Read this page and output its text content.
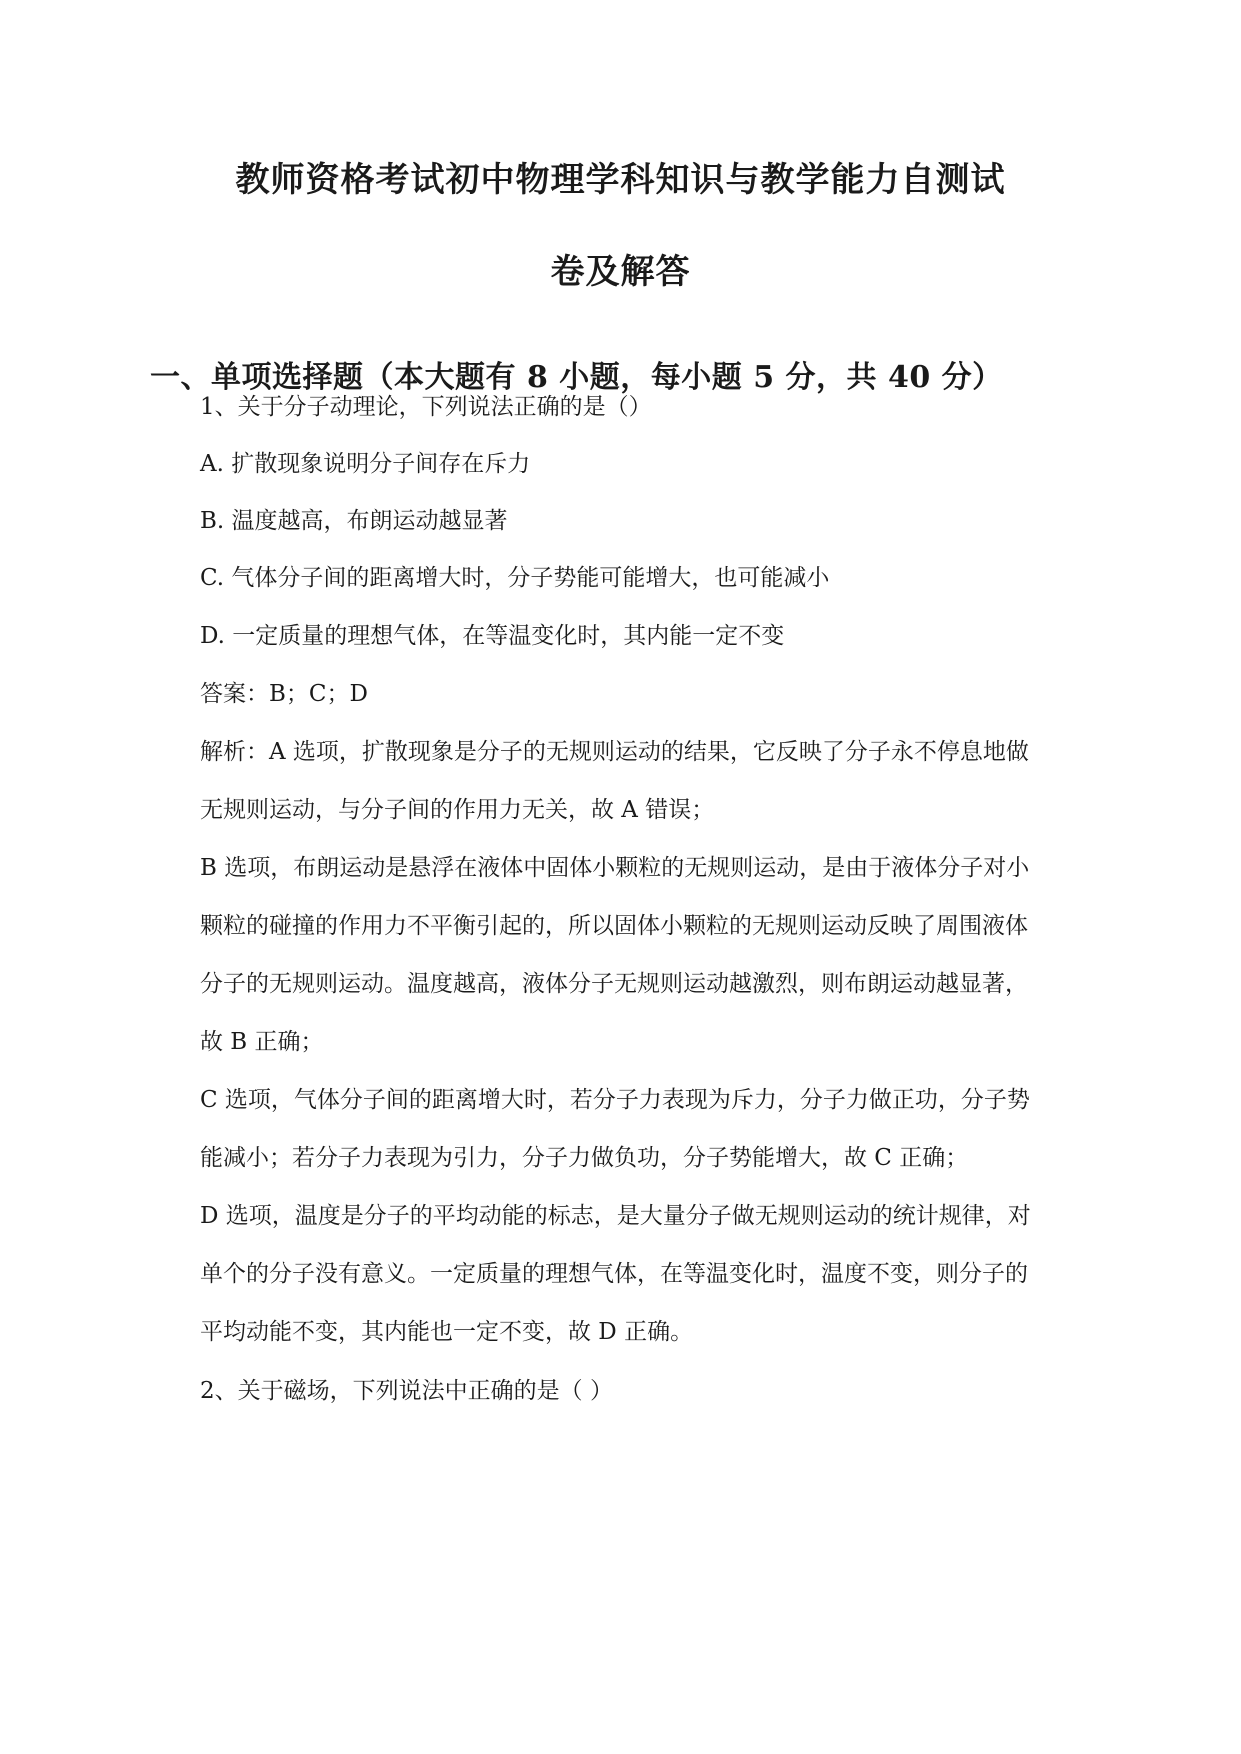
教师资格考试初中物理学科知识与教学能力自测试
卷及解答
一、单项选择题（本大题有 8 小题，每小题 5 分，共 40 分）
1、关于分子动理论，下列说法正确的是（）
A. 扩散现象说明分子间存在斥力
B. 温度越高，布朗运动越显著
C. 气体分子间的距离增大时，分子势能可能增大，也可能减小
D. 一定质量的理想气体，在等温变化时，其内能一定不变
答案：B；C；D
解析：A 选项，扩散现象是分子的无规则运动的结果，它反映了分子永不停息地做
无规则运动，与分子间的作用力无关，故 A 错误；
B 选项，布朗运动是悬浮在液体中固体小颗粒的无规则运动，是由于液体分子对小
颗粒的碰撞的作用力不平衡引起的，所以固体小颗粒的无规则运动反映了周围液体
分子的无规则运动。温度越高，液体分子无规则运动越激烈，则布朗运动越显著，
故 B 正确；
C 选项，气体分子间的距离增大时，若分子力表现为斥力，分子力做正功，分子势
能减小；若分子力表现为引力，分子力做负功，分子势能增大，故 C 正确；
D 选项，温度是分子的平均动能的标志，是大量分子做无规则运动的统计规律，对
单个的分子没有意义。一定质量的理想气体，在等温变化时，温度不变，则分子的
平均动能不变，其内能也一定不变，故 D 正确。
2、关于磁场，下列说法中正确的是（ ）
